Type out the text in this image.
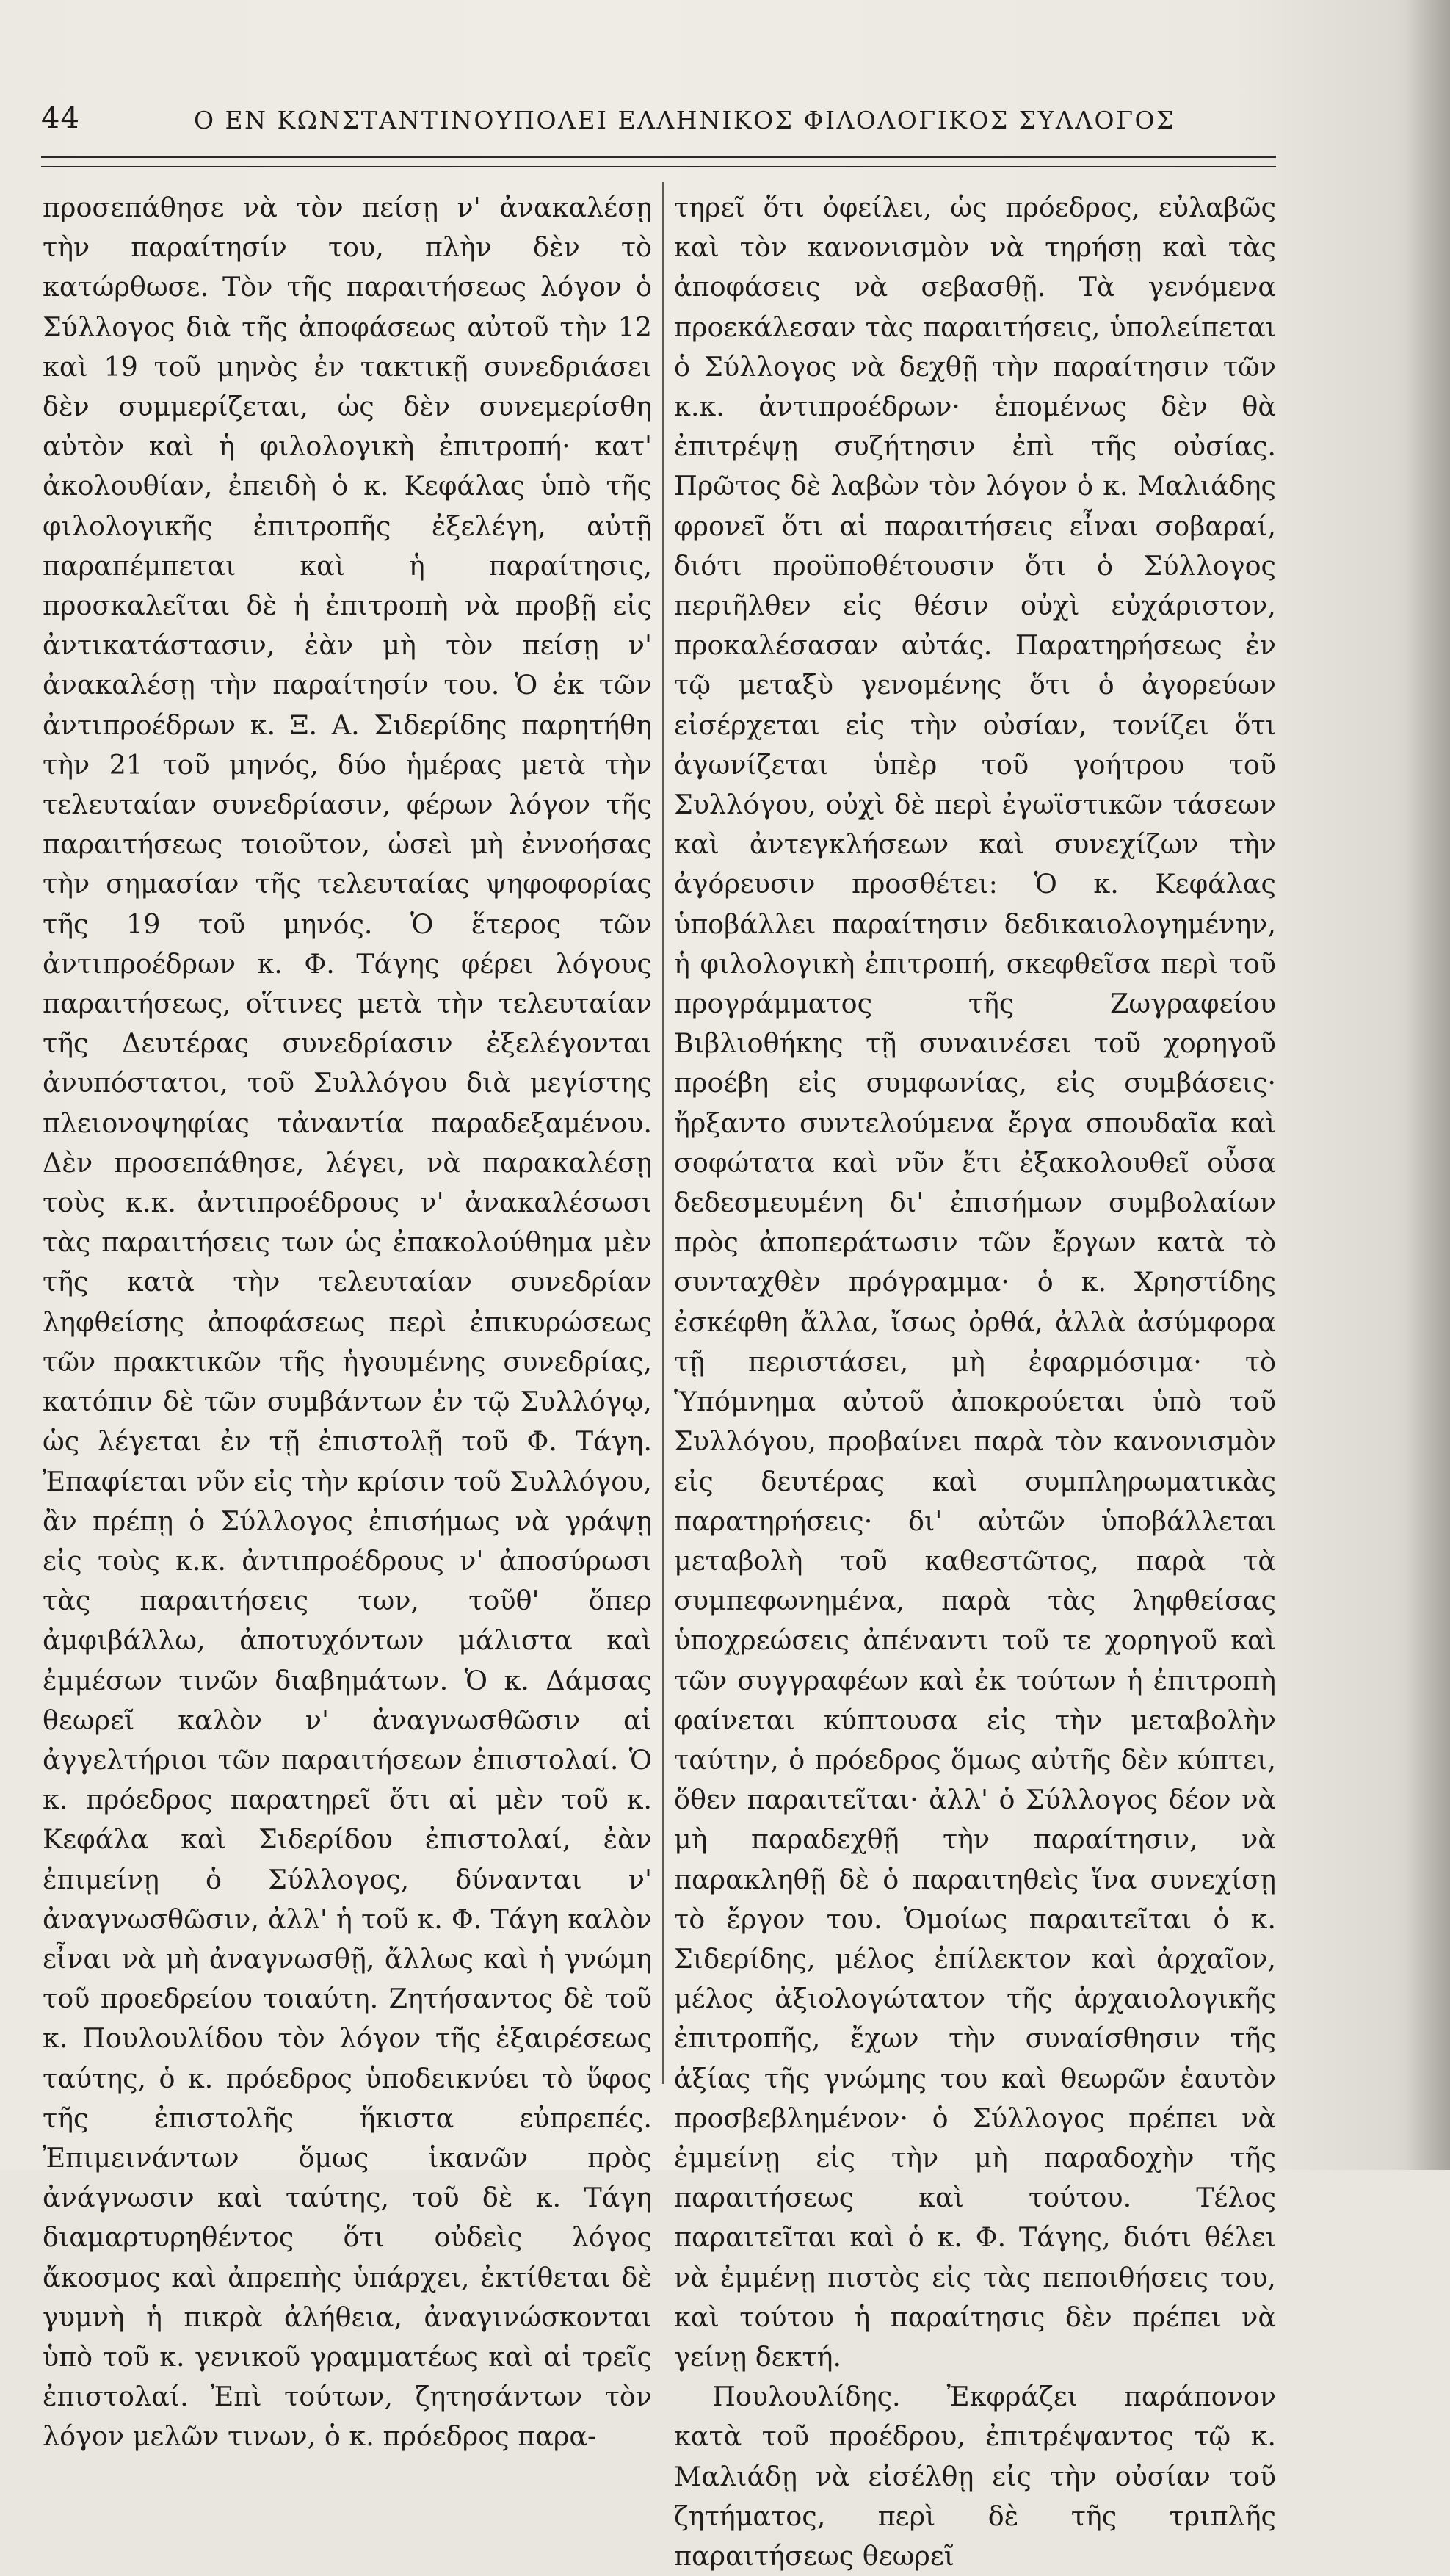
44	Ο ΕΝ ΚΩΝΣΤΑΝΤΙΝΟΥΠΟΛΕΙ ΕΛΛΗΝΙΚΟΣ ΦΙΛΟΛΟΓΙΚΟΣ ΣΥΛΛΟΓΟΣ

προσεπάθησε νὰ τὸν πείσῃ ν' ἀνακαλέσῃ τὴν παραίτησίν του, πλὴν δὲν τὸ κατώρθωσε. Τὸν τῆς παραιτήσεως λόγον ὁ Σύλλογος διὰ τῆς ἀποφάσεως αὐτοῦ τὴν 12 καὶ 19 τοῦ μηνὸς ἐν τακτικῇ συνεδριάσει δὲν συμμερίζεται, ὡς δὲν συνεμερίσθη αὐτὸν καὶ ἡ φιλολογικὴ ἐπιτροπή· κατ' ἀκολουθίαν, ἐπειδὴ ὁ κ. Κεφάλας ὑπὸ τῆς φιλολογικῆς ἐπιτροπῆς ἐξελέγη, αὐτῇ παραπέμπεται καὶ ἡ παραίτησις, προσκαλεῖται δὲ ἡ ἐπιτροπὴ νὰ προβῇ εἰς ἀντικατάστασιν, ἐὰν μὴ τὸν πείσῃ ν' ἀνακαλέσῃ τὴν παραίτησίν του. Ὁ ἐκ τῶν ἀντιπροέδρων κ. Ξ. Α. Σιδερίδης παρητήθη τὴν 21 τοῦ μηνός, δύο ἡμέρας μετὰ τὴν τελευταίαν συνεδρίασιν, φέρων λόγον τῆς παραιτήσεως τοιοῦτον, ὡσεὶ μὴ ἐννοήσας τὴν σημασίαν τῆς τελευταίας ψηφοφορίας τῆς 19 τοῦ μηνός. Ὁ ἕτερος τῶν ἀντιπροέδρων κ. Φ. Τάγης φέρει λόγους παραιτήσεως, οἵτινες μετὰ τὴν τελευταίαν τῆς Δευτέρας συνεδρίασιν ἐξελέγονται ἀνυπόστατοι, τοῦ Συλλόγου διὰ μεγίστης πλειονοψηφίας τἀναντία παραδεξαμένου. Δὲν προσεπάθησε, λέγει, νὰ παρακαλέσῃ τοὺς κ.κ. ἀντιπροέδρους ν' ἀνακαλέσωσι τὰς παραιτήσεις των ὡς ἐπακολούθημα μὲν τῆς κατὰ τὴν τελευταίαν συνεδρίαν ληφθείσης ἀποφάσεως περὶ ἐπικυρώσεως τῶν πρακτικῶν τῆς ἡγουμένης συνεδρίας, κατόπιν δὲ τῶν συμβάντων ἐν τῷ Συλλόγῳ, ὡς λέγεται ἐν τῇ ἐπιστολῇ τοῦ Φ. Τάγη. Ἐπαφίεται νῦν εἰς τὴν κρίσιν τοῦ Συλλόγου, ἂν πρέπῃ ὁ Σύλλογος ἐπισήμως νὰ γράψῃ εἰς τοὺς κ.κ. ἀντιπροέδρους ν' ἀποσύρωσι τὰς παραιτήσεις των, τοῦθ' ὅπερ ἀμφιβάλλω, ἀποτυχόντων μάλιστα καὶ ἐμμέσων τινῶν διαβημάτων. Ὁ κ. Δάμσας θεωρεῖ καλὸν ν' ἀναγνωσθῶσιν αἱ ἀγγελτήριοι τῶν παραιτήσεων ἐπιστολαί. Ὁ κ. πρόεδρος παρατηρεῖ ὅτι αἱ μὲν τοῦ κ. Κεφάλα καὶ Σιδερίδου ἐπιστολαί, ἐὰν ἐπιμείνῃ ὁ Σύλλογος, δύνανται ν' ἀναγνωσθῶσιν, ἀλλ' ἡ τοῦ κ. Φ. Τάγη καλὸν εἶναι νὰ μὴ ἀναγνωσθῇ, ἄλλως καὶ ἡ γνώμη τοῦ προεδρείου τοιαύτη. Ζητήσαντος δὲ τοῦ κ. Πουλουλίδου τὸν λόγον τῆς ἐξαιρέσεως ταύτης, ὁ κ. πρόεδρος ὑποδεικνύει τὸ ὕφος τῆς ἐπιστολῆς ἥκιστα εὐπρεπές. Ἐπιμεινάντων ὅμως ἱκανῶν πρὸς ἀνάγνωσιν καὶ ταύτης, τοῦ δὲ κ. Τάγη διαμαρτυρηθέντος ὅτι οὐδεὶς λόγος ἄκοσμος καὶ ἀπρεπὴς ὑπάρχει, ἐκτίθεται δὲ γυμνὴ ἡ πικρὰ ἀλήθεια, ἀναγινώσκονται ὑπὸ τοῦ κ. γενικοῦ γραμματέως καὶ αἱ τρεῖς ἐπιστολαί. Ἐπὶ τούτων, ζητησάντων τὸν λόγον μελῶν τινων, ὁ κ. πρόεδρος παρα-

τηρεῖ ὅτι ὀφείλει, ὡς πρόεδρος, εὐλαβῶς καὶ τὸν κανονισμὸν νὰ τηρήσῃ καὶ τὰς ἀποφάσεις νὰ σεβασθῇ. Τὰ γενόμενα προεκάλεσαν τὰς παραιτήσεις, ὑπολείπεται ὁ Σύλλογος νὰ δεχθῇ τὴν παραίτησιν τῶν κ.κ. ἀντιπροέδρων· ἑπομένως δὲν θὰ ἐπιτρέψῃ συζήτησιν ἐπὶ τῆς οὐσίας. Πρῶτος δὲ λαβὼν τὸν λόγον ὁ κ. Μαλιάδης φρονεῖ ὅτι αἱ παραιτήσεις εἶναι σοβαραί, διότι προϋποθέτουσιν ὅτι ὁ Σύλλογος περιῆλθεν εἰς θέσιν οὐχὶ εὐχάριστον, προκαλέσασαν αὐτάς. Παρατηρήσεως ἐν τῷ μεταξὺ γενομένης ὅτι ὁ ἀγορεύων εἰσέρχεται εἰς τὴν οὐσίαν, τονίζει ὅτι ἀγωνίζεται ὑπὲρ τοῦ γοήτρου τοῦ Συλλόγου, οὐχὶ δὲ περὶ ἐγωϊστικῶν τάσεων καὶ ἀντεγκλήσεων καὶ συνεχίζων τὴν ἀγόρευσιν προσθέτει: Ὁ κ. Κεφάλας ὑποβάλλει παραίτησιν δεδικαιολογημένην, ἡ φιλολογικὴ ἐπιτροπή, σκεφθεῖσα περὶ τοῦ προγράμματος τῆς Ζωγραφείου Βιβλιοθήκης τῇ συναινέσει τοῦ χορηγοῦ προέβη εἰς συμφωνίας, εἰς συμβάσεις· ἤρξαντο συντελούμενα ἔργα σπουδαῖα καὶ σοφώτατα καὶ νῦν ἔτι ἐξακολουθεῖ οὖσα δεδεσμευμένη δι' ἐπισήμων συμβολαίων πρὸς ἀποπεράτωσιν τῶν ἔργων κατὰ τὸ συνταχθὲν πρόγραμμα· ὁ κ. Χρηστίδης ἐσκέφθη ἄλλα, ἴσως ὀρθά, ἀλλὰ ἀσύμφορα τῇ περιστάσει, μὴ ἐφαρμόσιμα· τὸ Ὑπόμνημα αὐτοῦ ἀποκρούεται ὑπὸ τοῦ Συλλόγου, προβαίνει παρὰ τὸν κανονισμὸν εἰς δευτέρας καὶ συμπληρωματικὰς παρατηρήσεις· δι' αὐτῶν ὑποβάλλεται μεταβολὴ τοῦ καθεστῶτος, παρὰ τὰ συμπεφωνημένα, παρὰ τὰς ληφθείσας ὑποχρεώσεις ἀπέναντι τοῦ τε χορηγοῦ καὶ τῶν συγγραφέων καὶ ἐκ τούτων ἡ ἐπιτροπὴ φαίνεται κύπτουσα εἰς τὴν μεταβολὴν ταύτην, ὁ πρόεδρος ὅμως αὐτῆς δὲν κύπτει, ὅθεν παραιτεῖται· ἀλλ' ὁ Σύλλογος δέον νὰ μὴ παραδεχθῇ τὴν παραίτησιν, νὰ παρακληθῇ δὲ ὁ παραιτηθεὶς ἵνα συνεχίσῃ τὸ ἔργον του. Ὁμοίως παραιτεῖται ὁ κ. Σιδερίδης, μέλος ἐπίλεκτον καὶ ἀρχαῖον, μέλος ἀξιολογώτατον τῆς ἀρχαιολογικῆς ἐπιτροπῆς, ἔχων τὴν συναίσθησιν τῆς ἀξίας τῆς γνώμης του καὶ θεωρῶν ἑαυτὸν προσβεβλημένον· ὁ Σύλλογος πρέπει νὰ ἐμμείνῃ εἰς τὴν μὴ παραδοχὴν τῆς παραιτήσεως καὶ τούτου. Τέλος παραιτεῖται καὶ ὁ κ. Φ. Τάγης, διότι θέλει νὰ ἐμμένῃ πιστὸς εἰς τὰς πεποιθήσεις του, καὶ τούτου ἡ παραίτησις δὲν πρέπει νὰ γείνῃ δεκτή.

Πουλουλίδης. Ἐκφράζει παράπονον κατὰ τοῦ προέδρου, ἐπιτρέψαντος τῷ κ. Μαλιάδῃ νὰ εἰσέλθῃ εἰς τὴν οὐσίαν τοῦ ζητήματος, περὶ δὲ τῆς τριπλῆς παραιτήσεως θεωρεῖ
